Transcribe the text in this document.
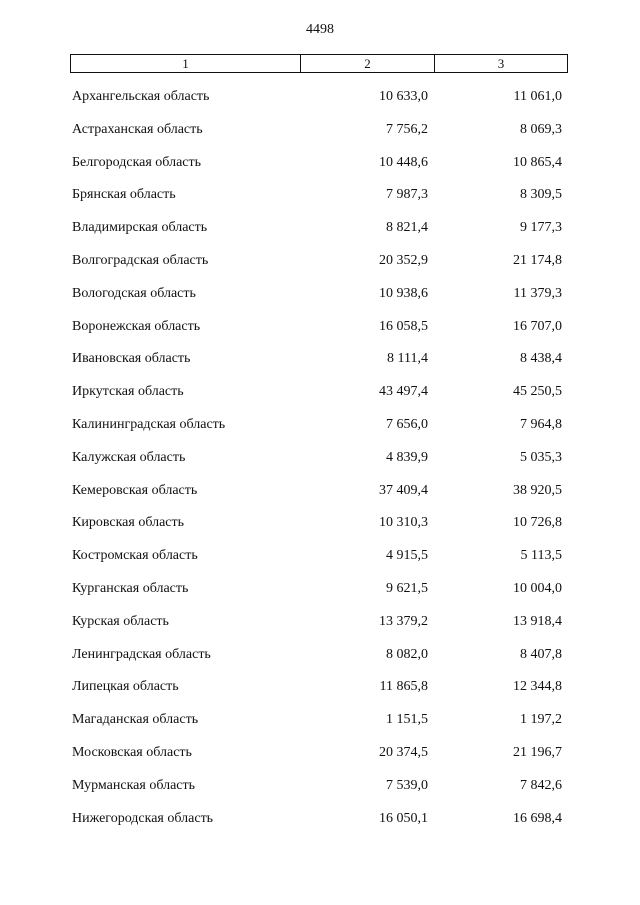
4498
1	2	3
Архангельская область	10 633,0	11 061,0
Астраханская область	7 756,2	8 069,3
Белгородская область	10 448,6	10 865,4
Брянская область	7 987,3	8 309,5
Владимирская область	8 821,4	9 177,3
Волгоградская область	20 352,9	21 174,8
Вологодская область	10 938,6	11 379,3
Воронежская область	16 058,5	16 707,0
Ивановская область	8 111,4	8 438,4
Иркутская область	43 497,4	45 250,5
Калининградская область	7 656,0	7 964,8
Калужская область	4 839,9	5 035,3
Кемеровская область	37 409,4	38 920,5
Кировская область	10 310,3	10 726,8
Костромская область	4 915,5	5 113,5
Курганская область	9 621,5	10 004,0
Курская область	13 379,2	13 918,4
Ленинградская область	8 082,0	8 407,8
Липецкая область	11 865,8	12 344,8
Магаданская область	1 151,5	1 197,2
Московская область	20 374,5	21 196,7
Мурманская область	7 539,0	7 842,6
Нижегородская область	16 050,1	16 698,4
